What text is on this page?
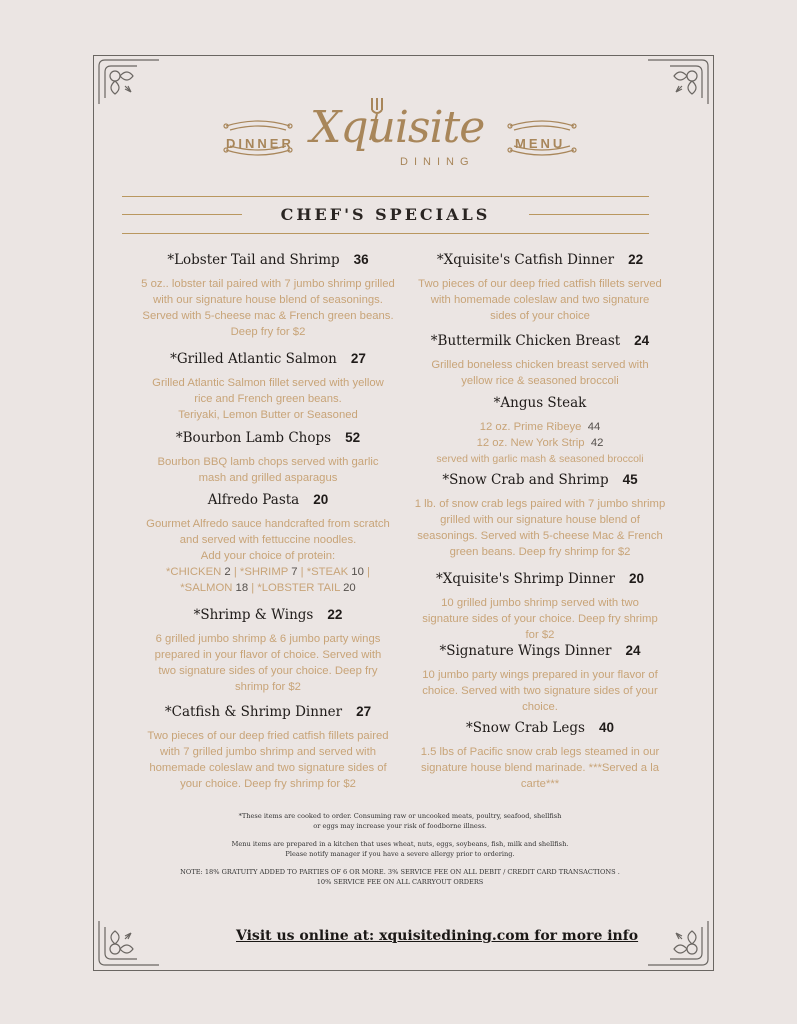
DINNER	MENU
Xquisite
DINING
CHEF'S SPECIALS
*Lobster Tail and Shrimp 36
5 oz.. lobster tail paired with 7 jumbo shrimp grilled
with our signature house blend of seasonings.
Served with 5-cheese mac & French green beans.
Deep fry for $2
*Grilled Atlantic Salmon 27
Grilled Atlantic Salmon fillet served with yellow
rice and French green beans.
Teriyaki, Lemon Butter or Seasoned
*Bourbon Lamb Chops 52
Bourbon BBQ lamb chops served with garlic
mash and grilled asparagus
Alfredo Pasta 20
Gourmet Alfredo sauce handcrafted from scratch
and served with fettuccine noodles.
Add your choice of protein:
*CHICKEN 2 | *SHRIMP 7 | *STEAK 10 |
*SALMON 18 | *LOBSTER TAIL 20
*Shrimp & Wings 22
6 grilled jumbo shrimp & 6 jumbo party wings
prepared in your flavor of choice. Served with
two signature sides of your choice. Deep fry
shrimp for $2
*Catfish & Shrimp Dinner 27
Two pieces of our deep fried catfish fillets paired
with 7 grilled jumbo shrimp and served with
homemade coleslaw and two signature sides of
your choice. Deep fry shrimp for $2
*Xquisite's Catfish Dinner 22
Two pieces of our deep fried catfish fillets served
with homemade coleslaw and two signature
sides of your choice
*Buttermilk Chicken Breast 24
Grilled boneless chicken breast served with
yellow rice & seasoned broccoli
*Angus Steak
12 oz. Prime Ribeye 44
12 oz. New York Strip 42
served with garlic mash & seasoned broccoli
*Snow Crab and Shrimp 45
1 lb. of snow crab legs paired with 7 jumbo shrimp
grilled with our signature house blend of
seasonings. Served with 5-cheese Mac & French
green beans. Deep fry shrimp for $2
*Xquisite's Shrimp Dinner 20
10 grilled jumbo shrimp served with two
signature sides of your choice. Deep fry shrimp
for $2
*Signature Wings Dinner 24
10 jumbo party wings prepared in your flavor of
choice. Served with two signature sides of your
choice.
*Snow Crab Legs 40
1.5 lbs of Pacific snow crab legs steamed in our
signature house blend marinade. ***Served a la
carte***

*These items are cooked to order. Consuming raw or uncooked meats, poultry, seafood, shellfish
or eggs may increase your risk of foodborne illness.

Menu items are prepared in a kitchen that uses wheat, nuts, eggs, soybeans, fish, milk and shellfish.
Please notify manager if you have a severe allergy prior to ordering.

NOTE: 18% GRATUITY ADDED TO PARTIES OF 6 OR MORE. 3% SERVICE FEE ON ALL DEBIT / CREDIT CARD TRANSACTIONS .
10% SERVICE FEE ON ALL CARRYOUT ORDERS

Visit us online at: xquisitedining.com for more info
